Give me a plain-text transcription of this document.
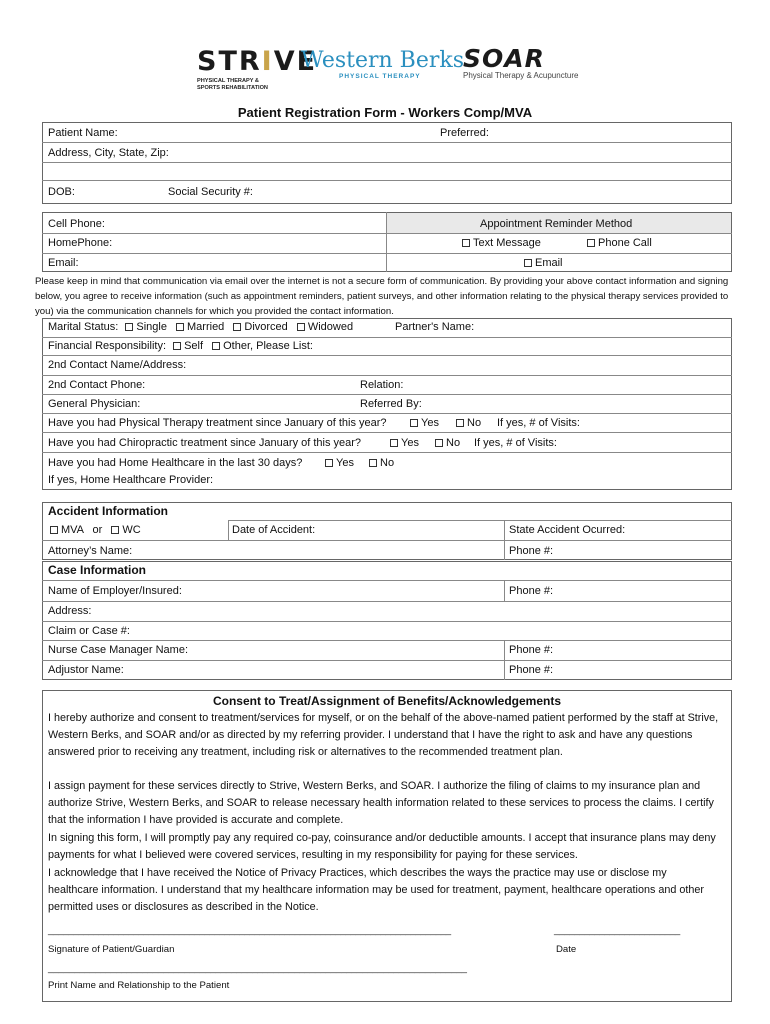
STRIVE
PHYSICAL THERAPY &
SPORTS REHABILITATION
Western Berks
PHYSICAL THERAPY
SOAR
Physical Therapy & Acupuncture
Patient Registration Form - Workers Comp/MVA
Patient Name:	Preferred:
Address, City, State, Zip:
DOB:	Social Security #:
Cell Phone:
HomePhone:
Email:
Appointment Reminder Method
Text Message	Phone Call
Email
Please keep in mind that communication via email over the internet is not a secure form of communication. By providing your above contact information and signing below, you agree to receive information (such as appointment reminders, patient surveys, and other information relating to the physical therapy services provided to you) via the communication channels for which you provided the contact information.
Marital Status: Single Married Divorced Widowed	Partner's Name:
Financial Responsibility: Self Other, Please List:
2nd Contact Name/Address:
2nd Contact Phone:	Relation:
General Physician:	Referred By:
Have you had Physical Therapy treatment since January of this year?	Yes	No If yes, # of Visits:
Have you had Chiropractic treatment since January of this year?	Yes	No If yes, # of Visits:
Have you had Home Healthcare in the last 30 days?	Yes	No
If yes, Home Healthcare Provider:
Accident Information
MVA or WC	Date of Accident:	State Accident Ocurred:
Attorney’s Name:	Phone #:
Case Information
Name of Employer/Insured:	Phone #:
Address:
Claim or Case #:
Nurse Case Manager Name:	Phone #:
Adjustor Name:	Phone #:
Consent to Treat/Assignment of Benefits/Acknowledgements
I hereby authorize and consent to treatment/services for myself, or on the behalf of the above-named patient performed by the staff at Strive, Western Berks, and SOAR and/or as directed by my referring provider. I understand that I have the right to ask and have any questions answered prior to receiving any treatment, including risk or alternatives to the recommended treatment plan.
I assign payment for these services directly to Strive, Western Berks, and SOAR. I authorize the filing of claims to my insurance plan and authorize Strive, Western Berks, and SOAR to release necessary health information related to these services to process the claims. I certify that the information I have provided is accurate and complete.
In signing this form, I will promptly pay any required co-pay, coinsurance and/or deductible amounts. I accept that insurance plans may deny payments for what I believed were covered services, resulting in my responsibility for paying for these services.
I acknowledge that I have received the Notice of Privacy Practices, which describes the ways the practice may use or disclose my healthcare information. I understand that my healthcare information may be used for treatment, payment, healthcare operations and other permitted uses or disclosures as described in the Notice.
________________________________________________________________________________	_________________________
Signature of Patient/Guardian	Date
________________________________________________________________________________
Print Name and Relationship to the Patient
